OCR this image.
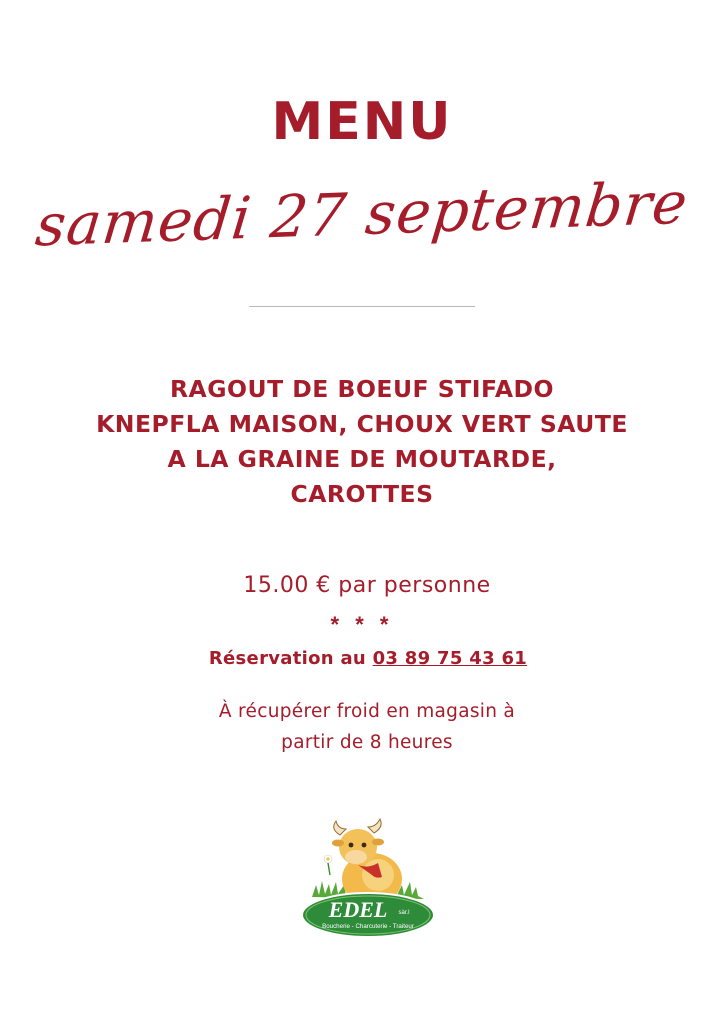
MENU
samedi 27 septembre
RAGOUT DE BOEUF STIFADO
KNEPFLA MAISON, CHOUX VERT SAUTE
A LA GRAINE DE MOUTARDE,
CAROTTES
15.00 € par personne
* * *
Réservation au 03 89 75 43 61
À récupérer froid en magasin à
partir de 8 heures
EDEL sàr.l
Boucherie - Charcuterie - Traiteur
